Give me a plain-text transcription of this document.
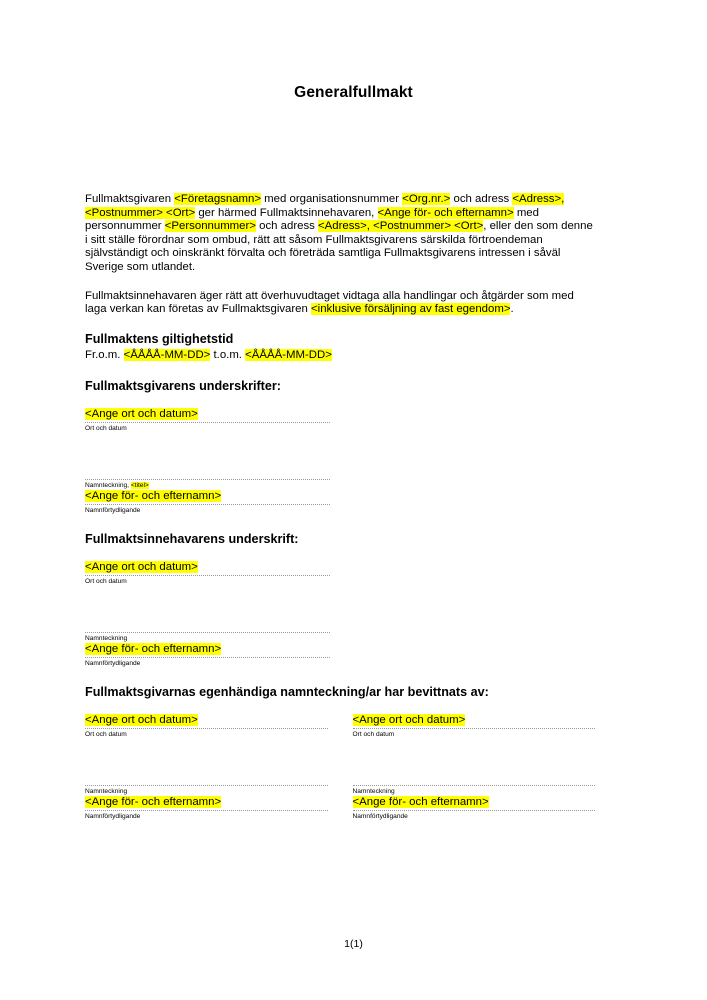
Generalfullmakt

Fullmaktsgivaren <Företagsnamn> med organisationsnummer <Org.nr.> och adress <Adress>, <Postnummer> <Ort> ger härmed Fullmaktsinnehavaren, <Ange för- och efternamn> med personnummer <Personnummer> och adress <Adress>, <Postnummer> <Ort>, eller den som denne i sitt ställe förordnar som ombud, rätt att såsom Fullmaktsgivarens särskilda förtroendeman självständigt och oinskränkt förvalta och företräda samtliga Fullmaktsgivarens intressen i såväl Sverige som utlandet.

Fullmaktsinnehavaren äger rätt att överhuvudtaget vidtaga alla handlingar och åtgärder som med laga verkan kan företas av Fullmaktsgivaren <inklusive försäljning av fast egendom>.

Fullmaktens giltighetstid

Fr.o.m. <ÅÅÅÅ-MM-DD> t.o.m. <ÅÅÅÅ-MM-DD>

Fullmaktsgivarens underskrifter:
<Ange ort och datum>
Ort och datum
Namnteckning, <titel>
<Ange för- och efternamn>
Namnförtydligande
Fullmaktsinnehavarens underskrift:
<Ange ort och datum>
Ort och datum
Namnteckning
<Ange för- och efternamn>
Namnförtydligande
Fullmaktsgivarnas egenhändiga namnteckning/ar har bevittnats av:
<Ange ort och datum>
Ort och datum
<Ange ort och datum>
Ort och datum
Namnteckning
<Ange för- och efternamn>
Namnförtydligande
Namnteckning
<Ange för- och efternamn>
Namnförtydligande
1(1)
